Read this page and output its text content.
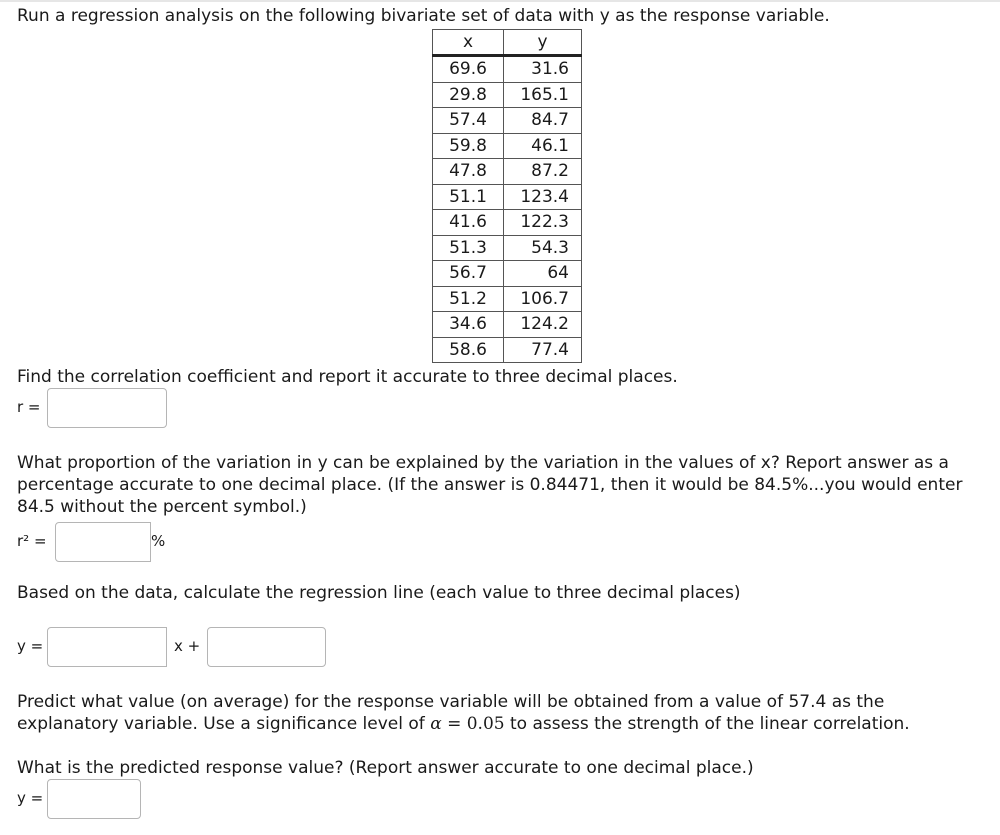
Run a regression analysis on the following bivariate set of data with y as the response variable.

x	y
69.6	31.6
29.8	165.1
57.4	84.7
59.8	46.1
47.8	87.2
51.1	123.4
41.6	122.3
51.3	54.3
56.7	64
51.2	106.7
34.6	124.2
58.6	77.4

Find the correlation coefficient and report it accurate to three decimal places.

r =

What proportion of the variation in y can be explained by the variation in the values of x? Report answer as a percentage accurate to one decimal place. (If the answer is 0.84471, then it would be 84.5%...you would enter 84.5 without the percent symbol.)

r² =	%

Based on the data, calculate the regression line (each value to three decimal places)

y =	x +

Predict what value (on average) for the response variable will be obtained from a value of 57.4 as the explanatory variable. Use a significance level of α = 0.05 to assess the strength of the linear correlation.

What is the predicted response value? (Report answer accurate to one decimal place.)

y =
